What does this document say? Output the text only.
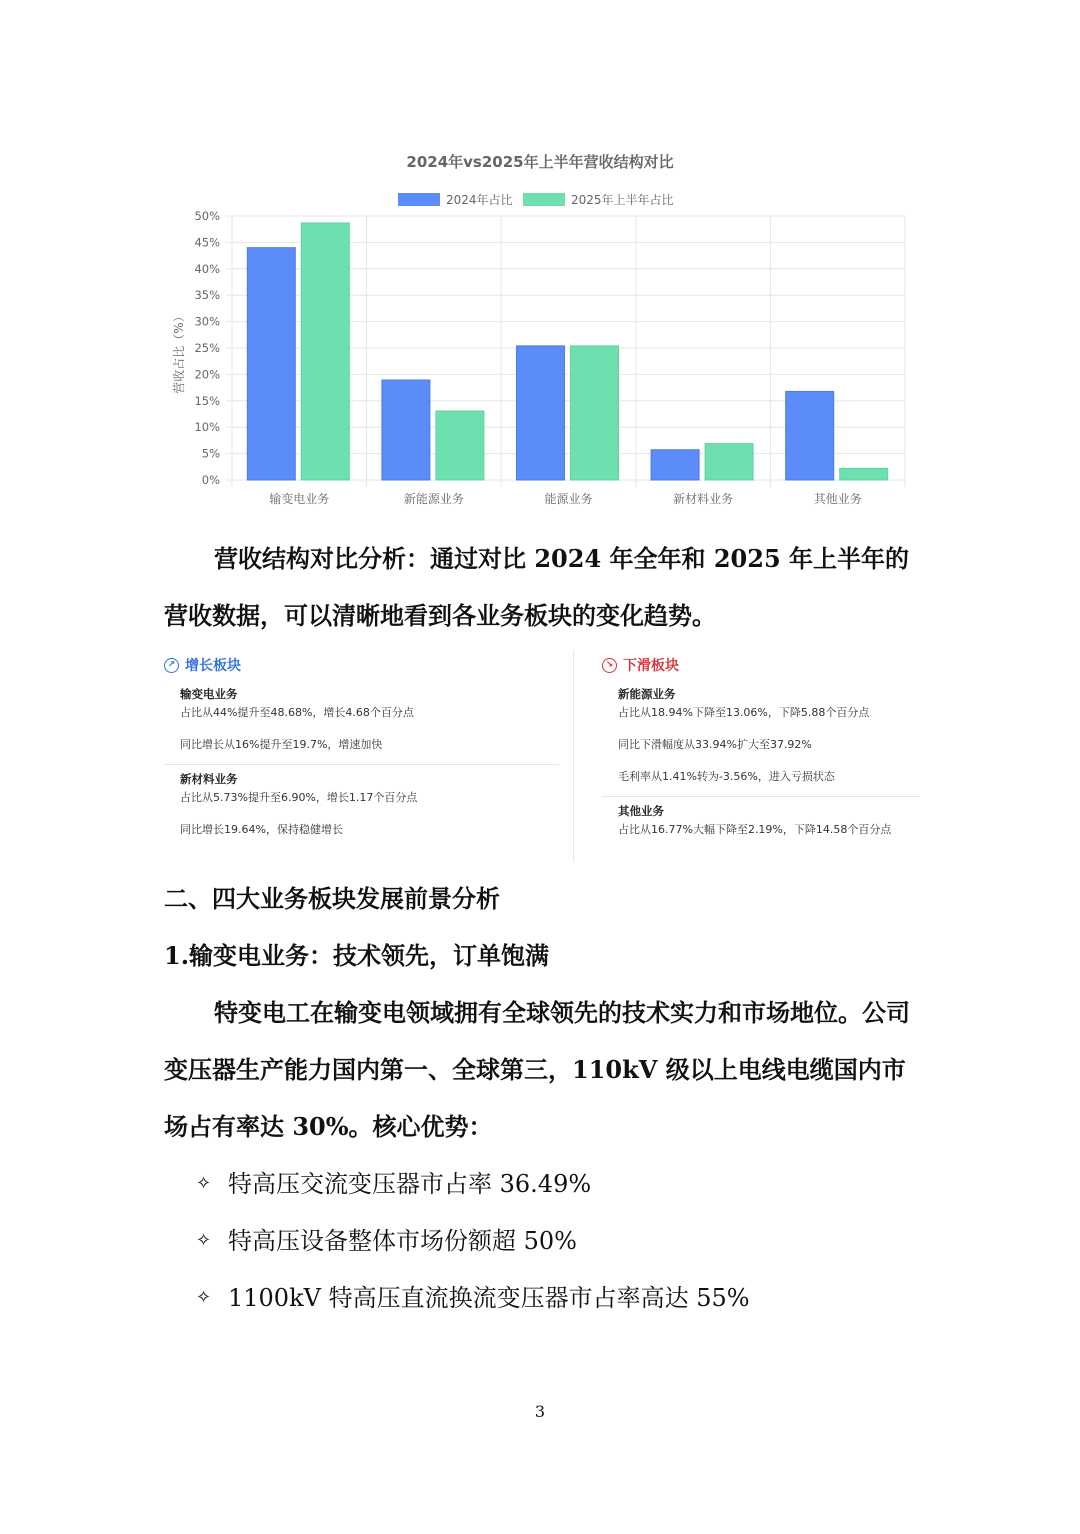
2024年vs2025年上半年营收结构对比
2024年占比	2025年上半年占比
0%
5%
10%
15%
20%
25%
30%
35%
40%
45%
50%
营收占比（%）
输变电业务	新能源业务	能源业务	新材料业务	其他业务
营收结构对比分析：通过对比 2024 年全年和 2025 年上半年的营收数据，可以清晰地看到各业务板块的变化趋势。
↗ 增长板块
输变电业务
占比从44%提升至48.68%，增长4.68个百分点
同比增长从16%提升至19.7%，增速加快
新材料业务
占比从5.73%提升至6.90%，增长1.17个百分点
同比增长19.64%，保持稳健增长
↘ 下滑板块
新能源业务
占比从18.94%下降至13.06%，下降5.88个百分点
同比下滑幅度从33.94%扩大至37.92%
毛利率从1.41%转为-3.56%，进入亏损状态
其他业务
占比从16.77%大幅下降至2.19%，下降14.58个百分点
二、四大业务板块发展前景分析
1.输变电业务：技术领先，订单饱满
特变电工在输变电领域拥有全球领先的技术实力和市场地位。公司变压器生产能力国内第一、全球第三，110kV 级以上电线电缆国内市场占有率达 30%。核心优势：
✧ 特高压交流变压器市占率 36.49%
✧ 特高压设备整体市场份额超 50%
✧ 1100kV 特高压直流换流变压器市占率高达 55%
3
